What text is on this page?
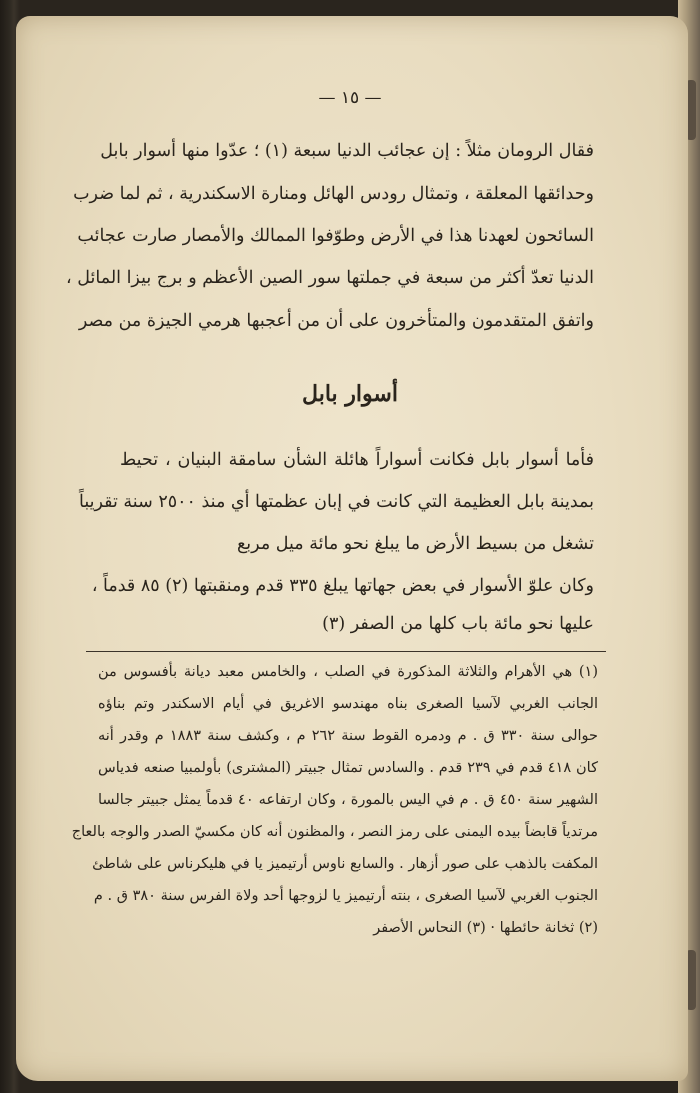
— ١٥ —
فقال الرومان مثلاً : إن عجائب الدنيا سبعة (١) ؛ عدّوا منها أسوار بابل
وحدائقها المعلقة ، وتمثال رودس الهائل ومنارة الاسكندرية ، ثم لما ضرب
السائحون لعهدنا هذا في الأرض وطوّفوا الممالك والأمصار صارت عجائب
الدنيا تعدّ أكثر من سبعة في جملتها سور الصين الأعظم و برج بيزا المائل ،
واتفق المتقدمون والمتأخرون على أن من أعجبها هرمي الجيزة من مصر
أسوار بابل
فأما أسوار بابل فكانت أسواراً هائلة الشأن سامقة البنيان ، تحيط
بمدينة بابل العظيمة التي كانت في إبان عظمتها أي منذ ٢٥٠٠ سنة تقريباً
تشغل من بسيط الأرض ما يبلغ نحو مائة ميل مربع
وكان علوّ الأسوار في بعض جهاتها يبلغ ٣٣٥ قدم ومنقبتها (٢) ٨٥ قدماً ،
عليها نحو مائة باب كلها من الصفر (٣)
(١) هي الأهرام والثلاثة المذكورة في الصلب ، والخامس معبد ديانة بأفسوس من
الجانب الغربي لآسيا الصغرى بناه مهندسو الاغريق في أيام الاسكندر وتم بناؤه
حوالى سنة ٣٣٠ ق . م ودمره القوط سنة ٢٦٢ م ، وكشف سنة ١٨٨٣ م وقدر أنه
كان ٤١٨ قدم في ٢٣٩ قدم . والسادس تمثال جبيتر (المشترى) بأولمبيا صنعه فدياس
الشهير سنة ٤٥٠ ق . م في اليس بالمورة ، وكان ارتفاعه ٤٠ قدماً يمثل جبيتر جالسا
مرتدياً قابضاً بيده اليمنى على رمز النصر ، والمظنون أنه كان مكسيّ الصدر والوجه بالعاج
المكفت بالذهب على صور أزهار . والسابع ناوس أرتيميز يا في هليكرناس على شاطئ
الجنوب الغربي لآسيا الصغرى ، بنته أرتيميز يا لزوجها أحد ولاة الفرس سنة ٣٨٠ ق . م
(٢) ثخانة حائطها · (٣) النحاس الأصفر
